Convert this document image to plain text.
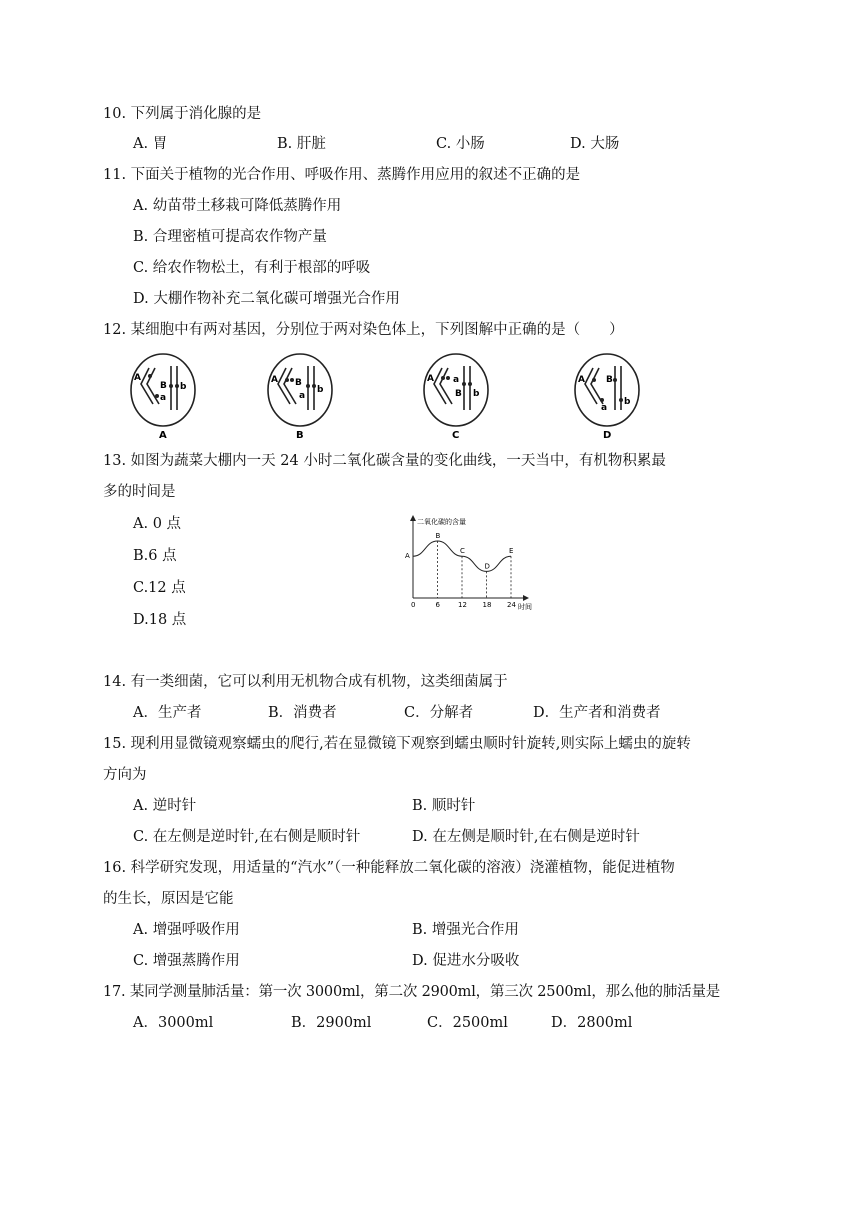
10. 下列属于消化腺的是
A. 胃	B. 肝脏	C. 小肠	D. 大肠
11. 下面关于植物的光合作用、呼吸作用、蒸腾作用应用的叙述不正确的是
A. 幼苗带土移栽可降低蒸腾作用
B. 合理密植可提高农作物产量
C. 给农作物松土，有利于根部的呼吸
D. 大棚作物补充二氧化碳可增强光合作用
12. 某细胞中有两对基因，分别位于两对染色体上，下列图解中正确的是（　　）
A
a
B b
A
A B
a
b
B
A a
B b
C
A B
a
b
D
13. 如图为蔬菜大棚内一天 24 小时二氧化碳含量的变化曲线，一天当中，有机物积累最
多的时间是
A. 0 点
B.6 点
C.12 点
D.18 点
二氧化碳的含量
时间
A
B
C
D
E
0	6	12 18 24
14. 有一类细菌，它可以利用无机物合成有机物，这类细菌属于
A．生产者	B．消费者	C．分解者	D．生产者和消费者
15. 现利用显微镜观察蠕虫的爬行,若在显微镜下观察到蠕虫顺时针旋转,则实际上蠕虫的旋转
方向为
A. 逆时针	B. 顺时针
C. 在左侧是逆时针,在右侧是顺时针	D. 在左侧是顺时针,在右侧是逆时针
16. 科学研究发现，用适量的“汽水”（一种能释放二氧化碳的溶液）浇灌植物，能促进植物
的生长，原因是它能
A. 增强呼吸作用	B. 增强光合作用
C. 增强蒸腾作用	D. 促进水分吸收
17. 某同学测量肺活量：第一次 3000ml，第二次 2900ml，第三次 2500ml，那么他的肺活量是
A．3000ml	B．2900ml	C．2500ml	D．2800ml
